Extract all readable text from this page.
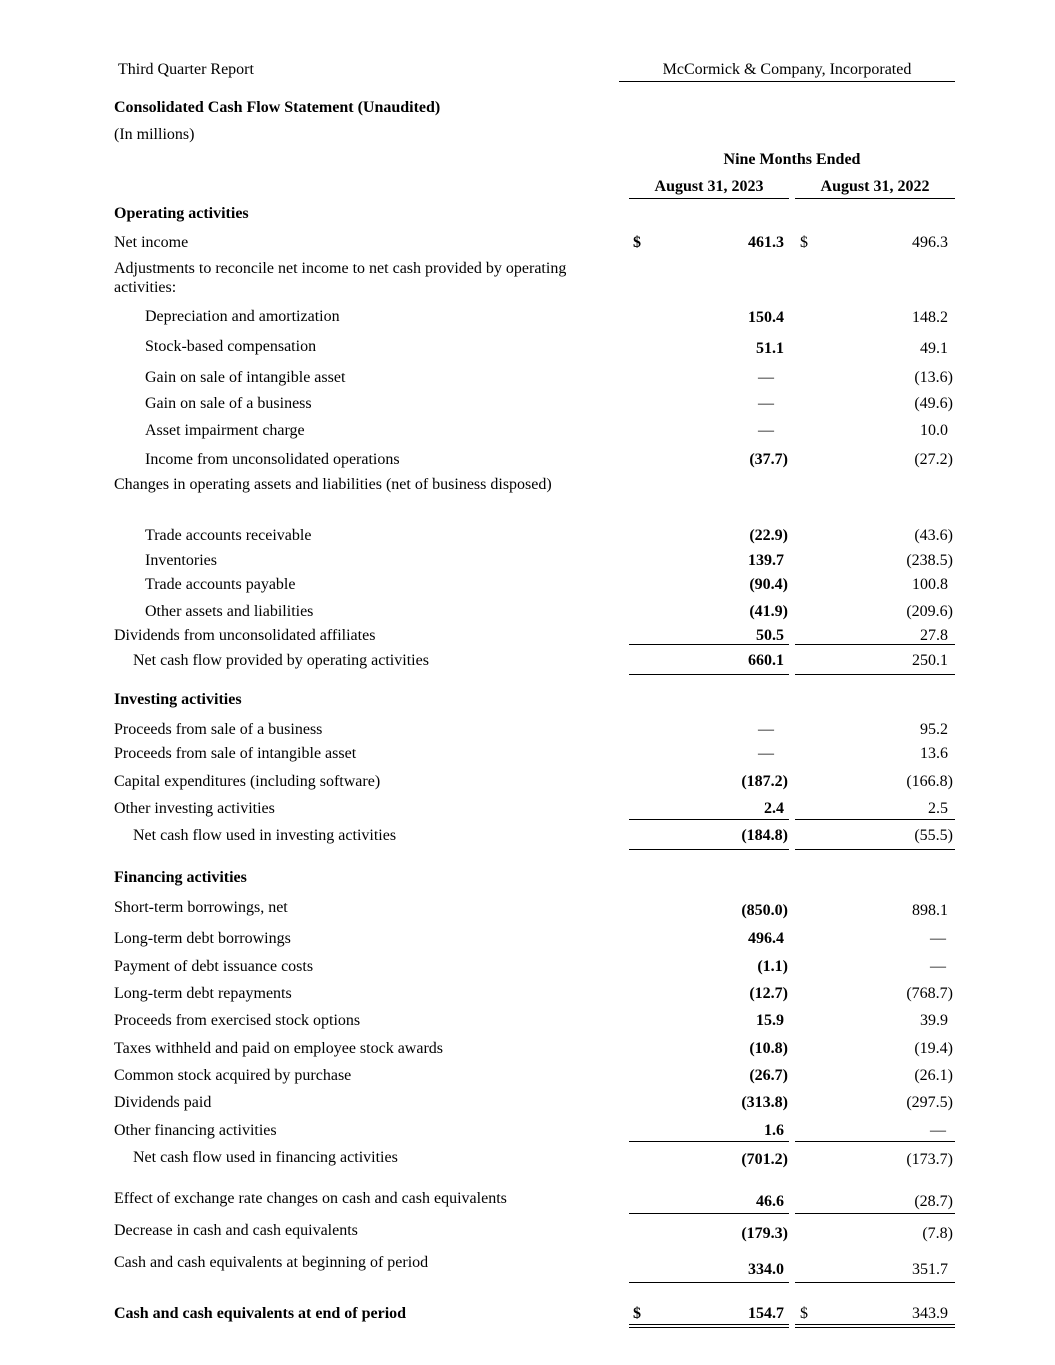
Third Quarter Report	McCormick & Company, Incorporated
Consolidated Cash Flow Statement (Unaudited)
(In millions)
Nine Months Ended
August 31, 2023	August 31, 2022
Operating activities
Net income	$	461.3	$	496.3
Adjustments to reconcile net income to net cash provided by operating activities:
Depreciation and amortization	150.4	148.2
Stock-based compensation	51.1	49.1
Gain on sale of intangible asset	—	(13.6)
Gain on sale of a business	—	(49.6)
Asset impairment charge	—	10.0
Income from unconsolidated operations	(37.7)	(27.2)
Changes in operating assets and liabilities (net of business disposed)
Trade accounts receivable	(22.9)	(43.6)
Inventories	139.7	(238.5)
Trade accounts payable	(90.4)	100.8
Other assets and liabilities	(41.9)	(209.6)
Dividends from unconsolidated affiliates	50.5	27.8
Net cash flow provided by operating activities	660.1	250.1
Investing activities
Proceeds from sale of a business	—	95.2
Proceeds from sale of intangible asset	—	13.6
Capital expenditures (including software)	(187.2)	(166.8)
Other investing activities	2.4	2.5
Net cash flow used in investing activities	(184.8)	(55.5)
Financing activities
Short-term borrowings, net	(850.0)	898.1
Long-term debt borrowings	496.4	—
Payment of debt issuance costs	(1.1)	—
Long-term debt repayments	(12.7)	(768.7)
Proceeds from exercised stock options	15.9	39.9
Taxes withheld and paid on employee stock awards	(10.8)	(19.4)
Common stock acquired by purchase	(26.7)	(26.1)
Dividends paid	(313.8)	(297.5)
Other financing activities	1.6	—
Net cash flow used in financing activities	(701.2)	(173.7)
Effect of exchange rate changes on cash and cash equivalents	46.6	(28.7)
Decrease in cash and cash equivalents	(179.3)	(7.8)
Cash and cash equivalents at beginning of period	334.0	351.7
Cash and cash equivalents at end of period	$	154.7	$	343.9
